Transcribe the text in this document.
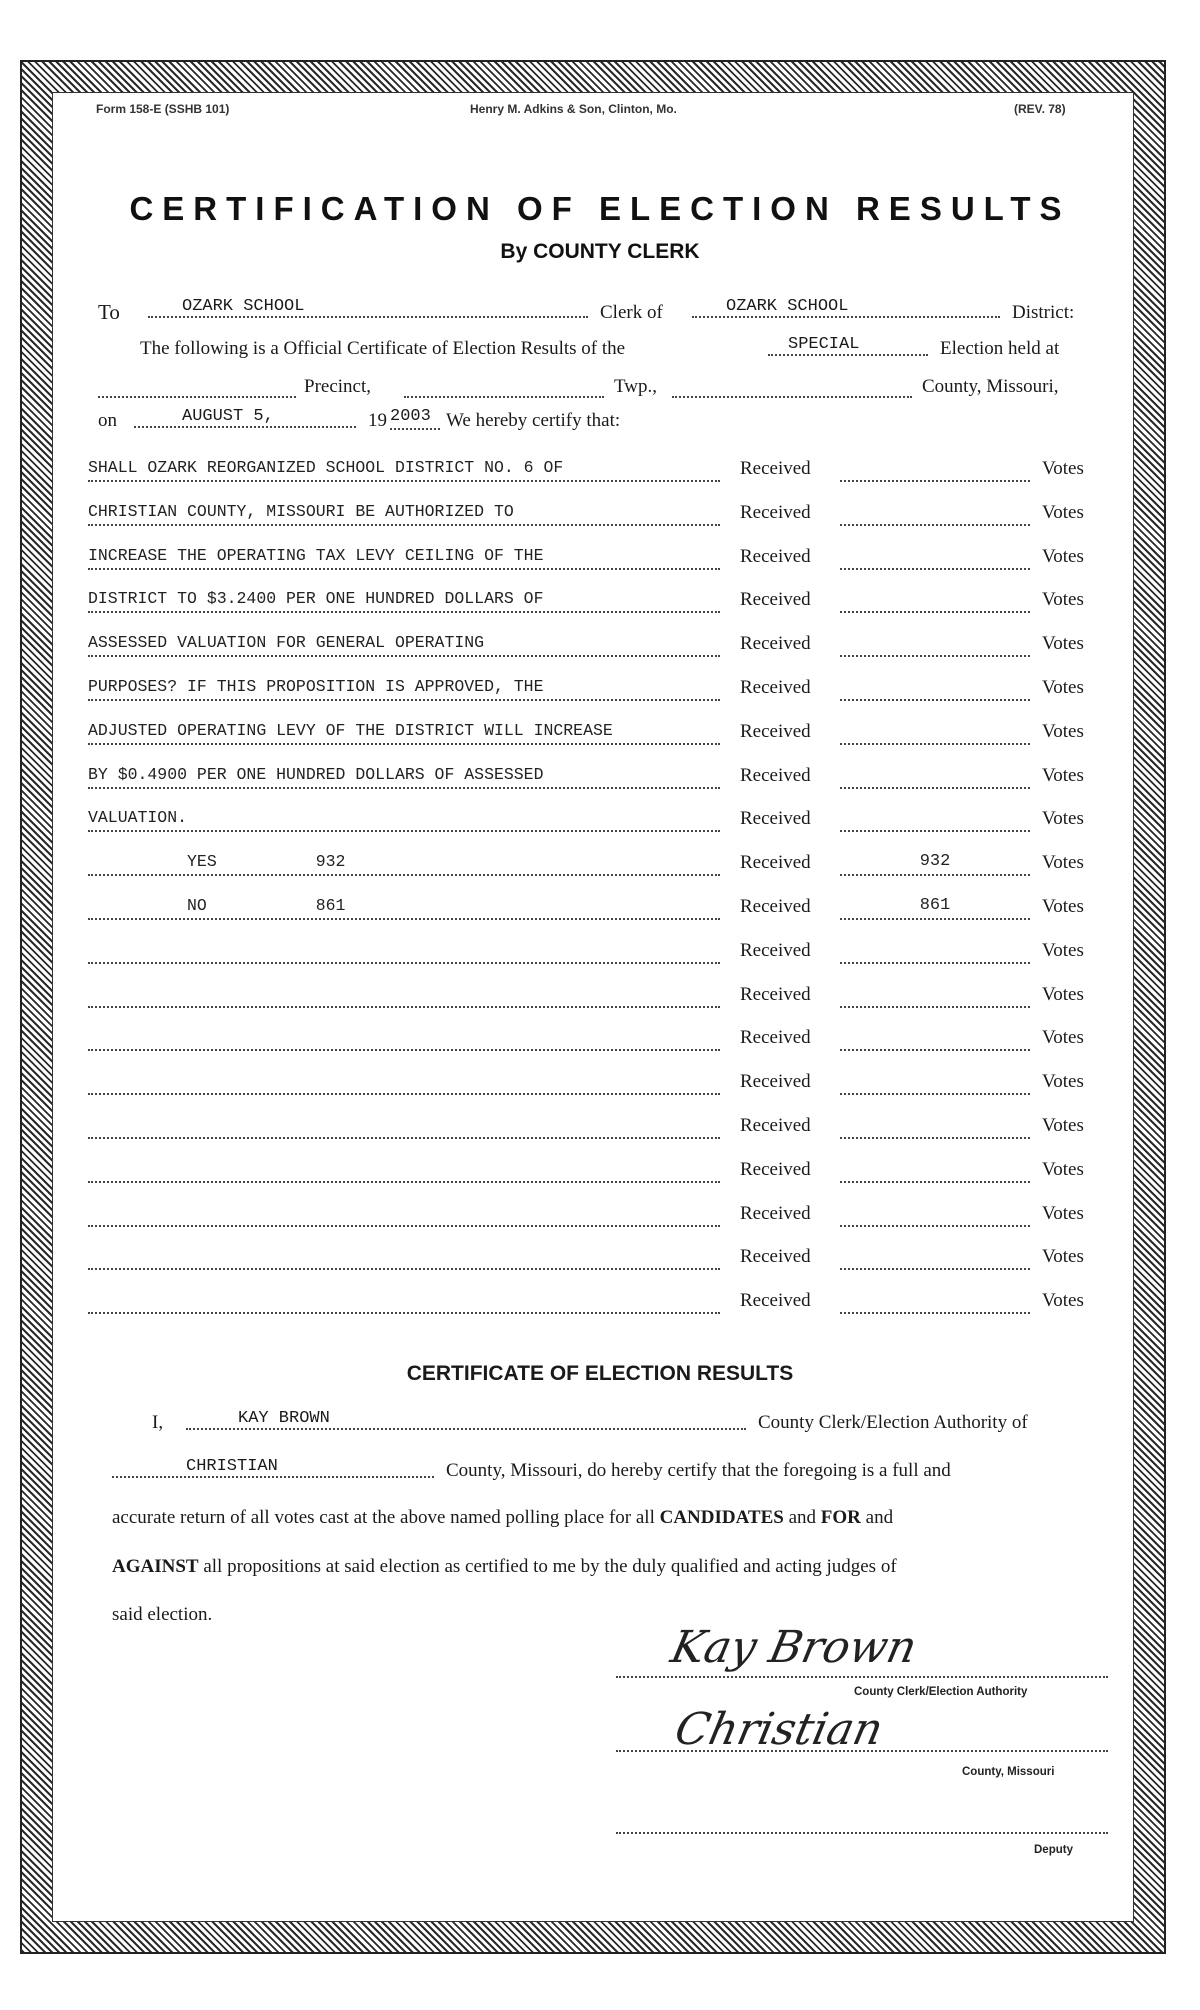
Form 158-E (SSHB 101)	Henry M. Adkins & Son, Clinton, Mo.	(REV. 78)
CERTIFICATION OF ELECTION RESULTS
By COUNTY CLERK
To	OZARK SCHOOL	Clerk of	OZARK SCHOOL	District:
The following is a Official Certificate of Election Results of the	SPECIAL	Election held at
Precinct,	Twp.,	County, Missouri,
on	AUGUST 5,	19 2003 We hereby certify that:
SHALL OZARK REORGANIZED SCHOOL DISTRICT NO. 6 OF	Received	Votes
CHRISTIAN COUNTY, MISSOURI BE AUTHORIZED TO	Received	Votes
INCREASE THE OPERATING TAX LEVY CEILING OF THE	Received	Votes
DISTRICT TO $3.2400 PER ONE HUNDRED DOLLARS OF	Received	Votes
ASSESSED VALUATION FOR GENERAL OPERATING	Received	Votes
PURPOSES? IF THIS PROPOSITION IS APPROVED, THE	Received	Votes
ADJUSTED OPERATING LEVY OF THE DISTRICT WILL INCREASE	Received	Votes
BY $0.4900 PER ONE HUNDRED DOLLARS OF ASSESSED	Received	Votes
VALUATION.	Received	Votes
YES          932	Received	932	Votes
NO           861	Received	861	Votes
Received	Votes
Received	Votes
Received	Votes
Received	Votes
Received	Votes
Received	Votes
Received	Votes
Received	Votes
Received	Votes
CERTIFICATE OF ELECTION RESULTS
I,	KAY BROWN	County Clerk/Election Authority of
CHRISTIAN	County, Missouri, do hereby certify that the foregoing is a full and
accurate return of all votes cast at the above named polling place for all CANDIDATES and FOR and
AGAINST all propositions at said election as certified to me by the duly qualified and acting judges of
said election.
Kay Brown
County Clerk/Election Authority
Christian
County, Missouri
Deputy
